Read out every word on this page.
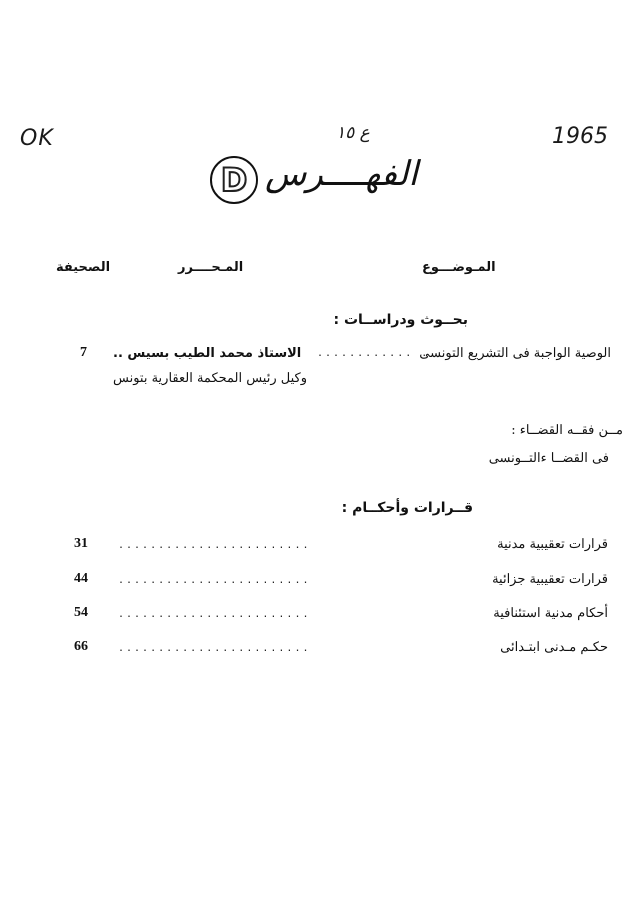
OK	ع ١٥	1965
D الفهــــرس
المـوضـــوع
المـحــــرر
الصحيفة
بحــوث ودراســات :
الوصية الواجبة فى التشريع التونسى
............ .
الاستاذ محمد الطيب بسيس ..
7
وكيل رئيس المحكمة العقارية بتونس
مــن فقــه القضــاء :
فى القضــا ءالتــونسى
قــرارات وأحكــام :
قرارات تعقيبية مدنية
........................
31
قرارات تعقيبية جزائية
........................
44
أحكام مدنية استئنافية
........................
54
حكـم مـدنى ابتـدائى
........................
66
